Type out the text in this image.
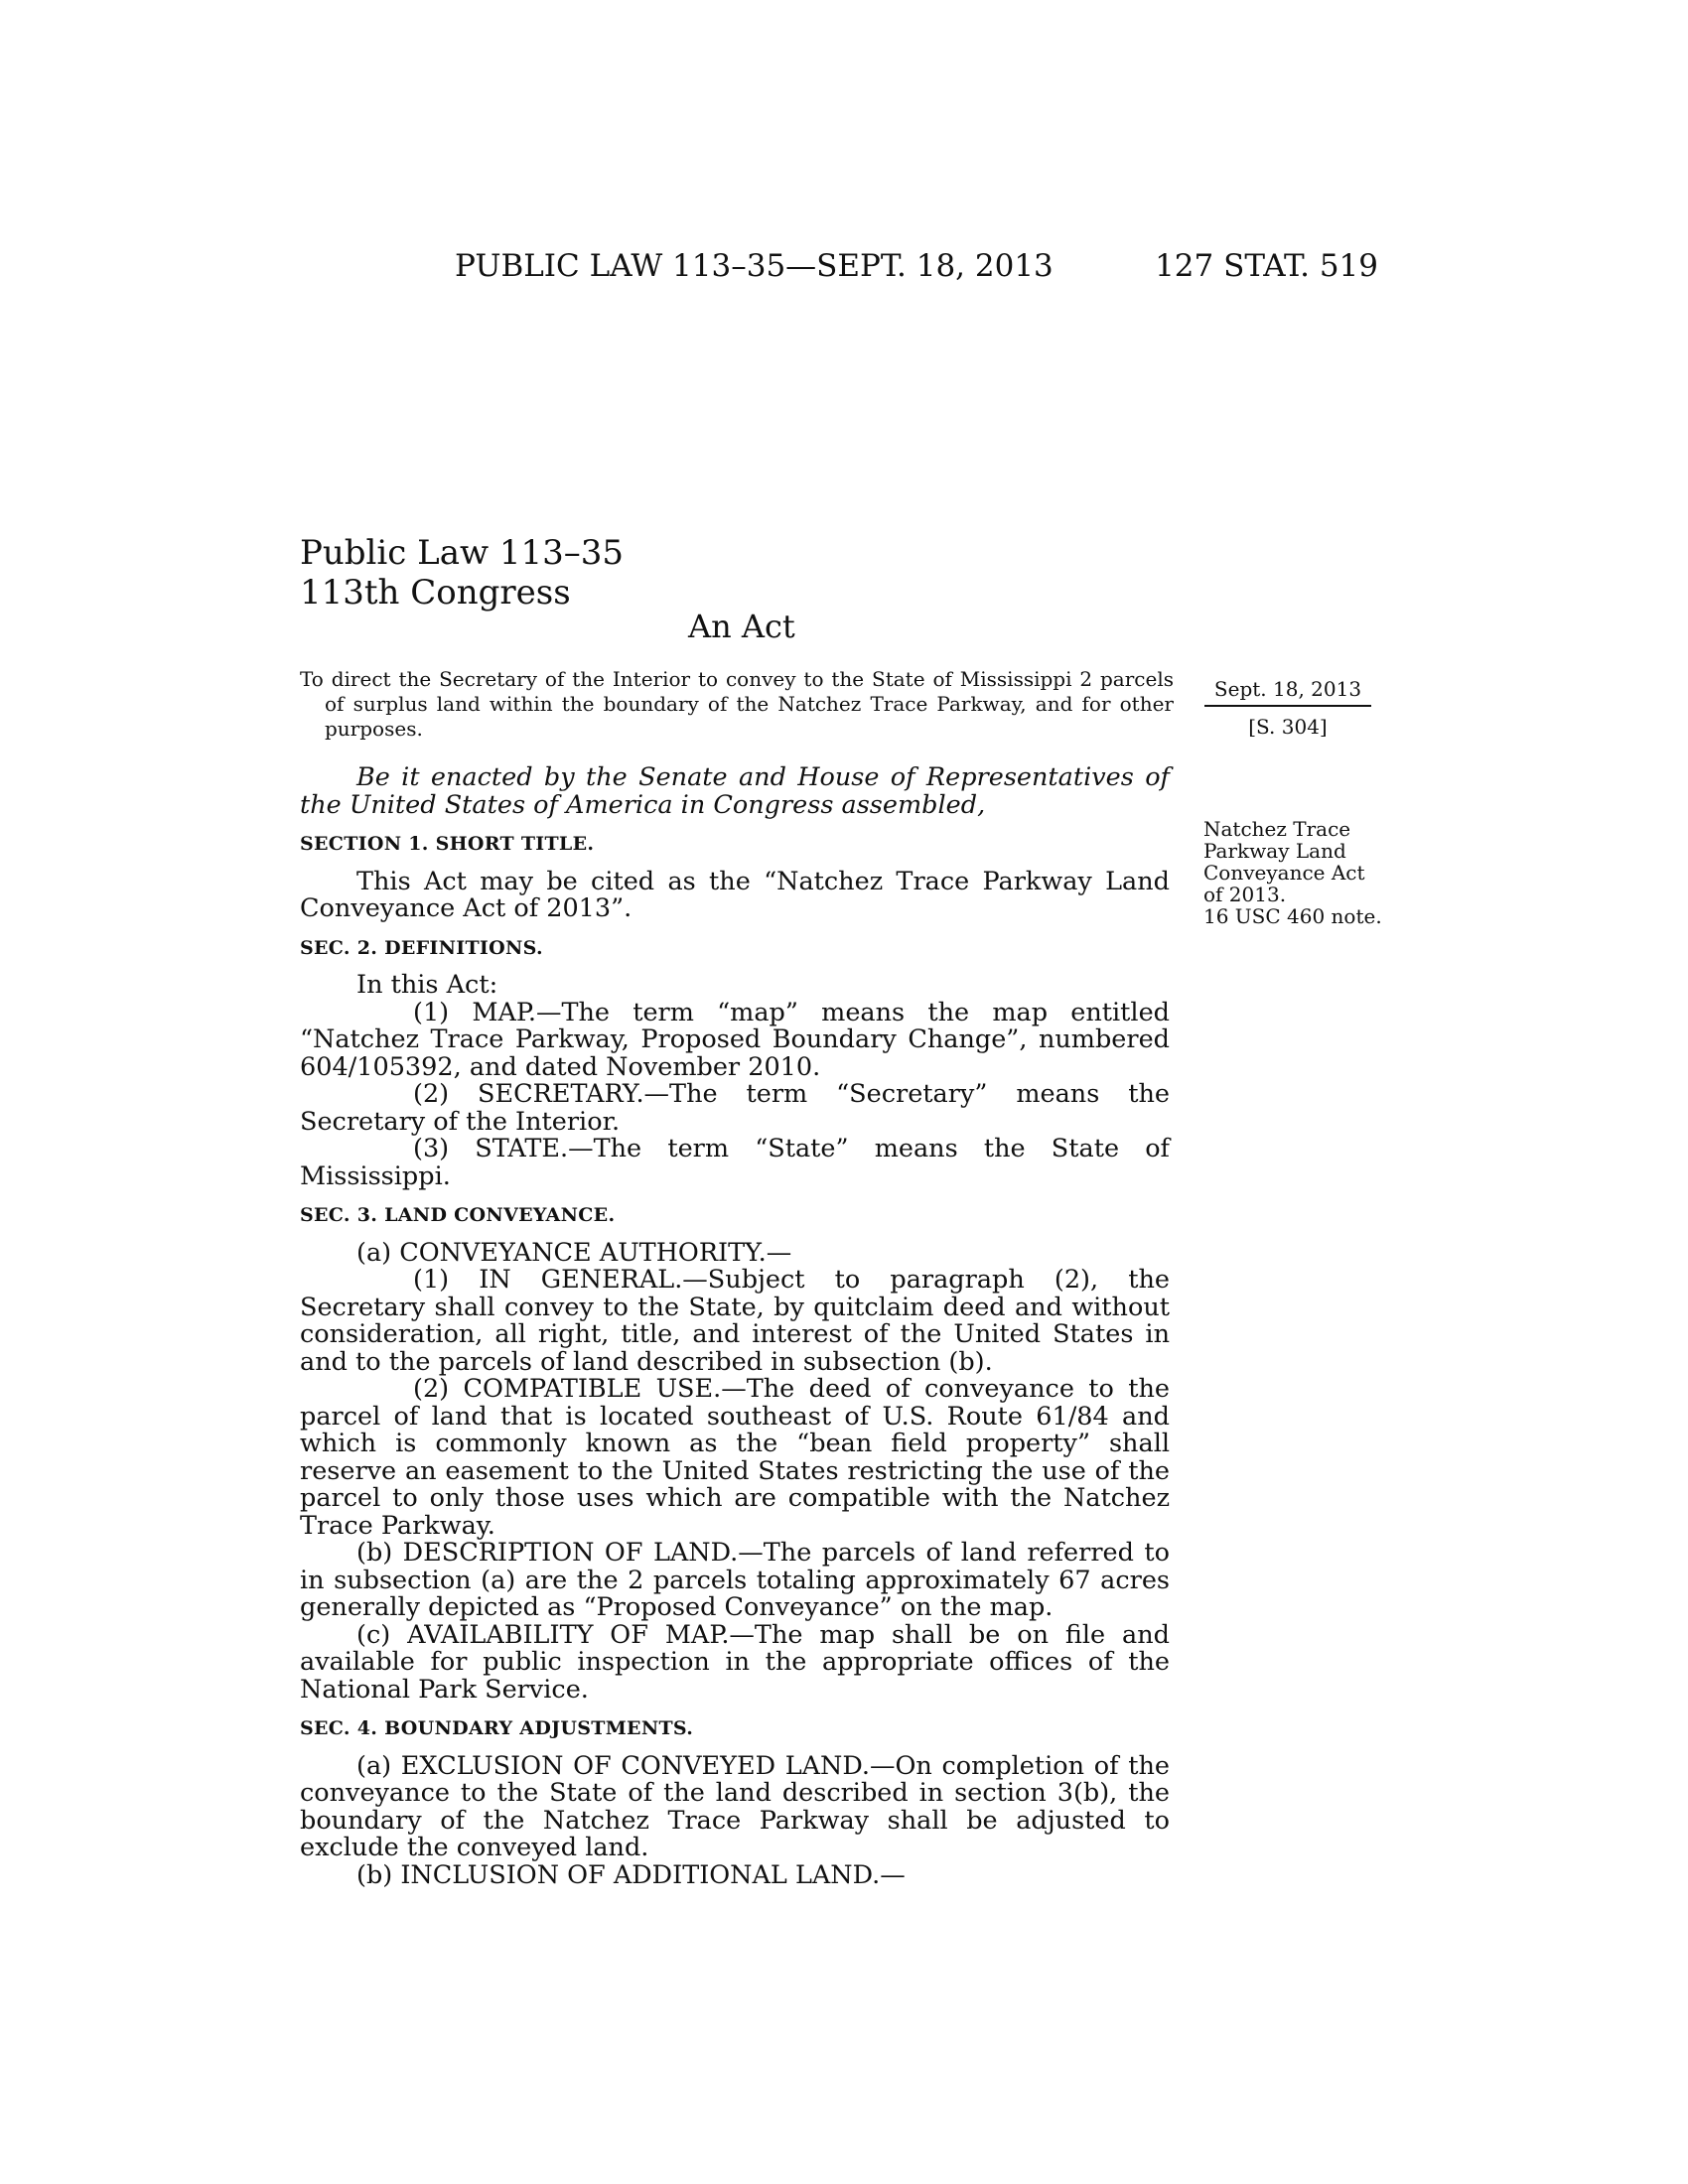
PUBLIC LAW 113–35—SEPT. 18, 2013	127 STAT. 519
Public Law 113–35
113th Congress
An Act

To direct the Secretary of the Interior to convey to the State of Mississippi 2 parcels of surplus land within the boundary of the Natchez Trace Parkway, and for other purposes.

Sept. 18, 2013
[S. 304]
Natchez Trace
Parkway Land
Conveyance Act
of 2013.
16 USC 460 note.

Be it enacted by the Senate and House of Representatives of the United States of America in Congress assembled,

SECTION 1. SHORT TITLE.

This Act may be cited as the “Natchez Trace Parkway Land Conveyance Act of 2013”.

SEC. 2. DEFINITIONS.

In this Act:

(1) MAP.—The term “map” means the map entitled “Natchez Trace Parkway, Proposed Boundary Change”, numbered 604/105392, and dated November 2010.

(2) SECRETARY.—The term “Secretary” means the Secretary of the Interior.

(3) STATE.—The term “State” means the State of Mississippi.

SEC. 3. LAND CONVEYANCE.

(a) CONVEYANCE AUTHORITY.—

(1) IN GENERAL.—Subject to paragraph (2), the Secretary shall convey to the State, by quitclaim deed and without consideration, all right, title, and interest of the United States in and to the parcels of land described in subsection (b).

(2) COMPATIBLE USE.—The deed of conveyance to the parcel of land that is located southeast of U.S. Route 61/84 and which is commonly known as the “bean field property” shall reserve an easement to the United States restricting the use of the parcel to only those uses which are compatible with the Natchez Trace Parkway.

(b) DESCRIPTION OF LAND.—The parcels of land referred to in subsection (a) are the 2 parcels totaling approximately 67 acres generally depicted as “Proposed Conveyance” on the map.

(c) AVAILABILITY OF MAP.—The map shall be on file and available for public inspection in the appropriate offices of the National Park Service.

SEC. 4. BOUNDARY ADJUSTMENTS.

(a) EXCLUSION OF CONVEYED LAND.—On completion of the conveyance to the State of the land described in section 3(b), the boundary of the Natchez Trace Parkway shall be adjusted to exclude the conveyed land.

(b) INCLUSION OF ADDITIONAL LAND.—
